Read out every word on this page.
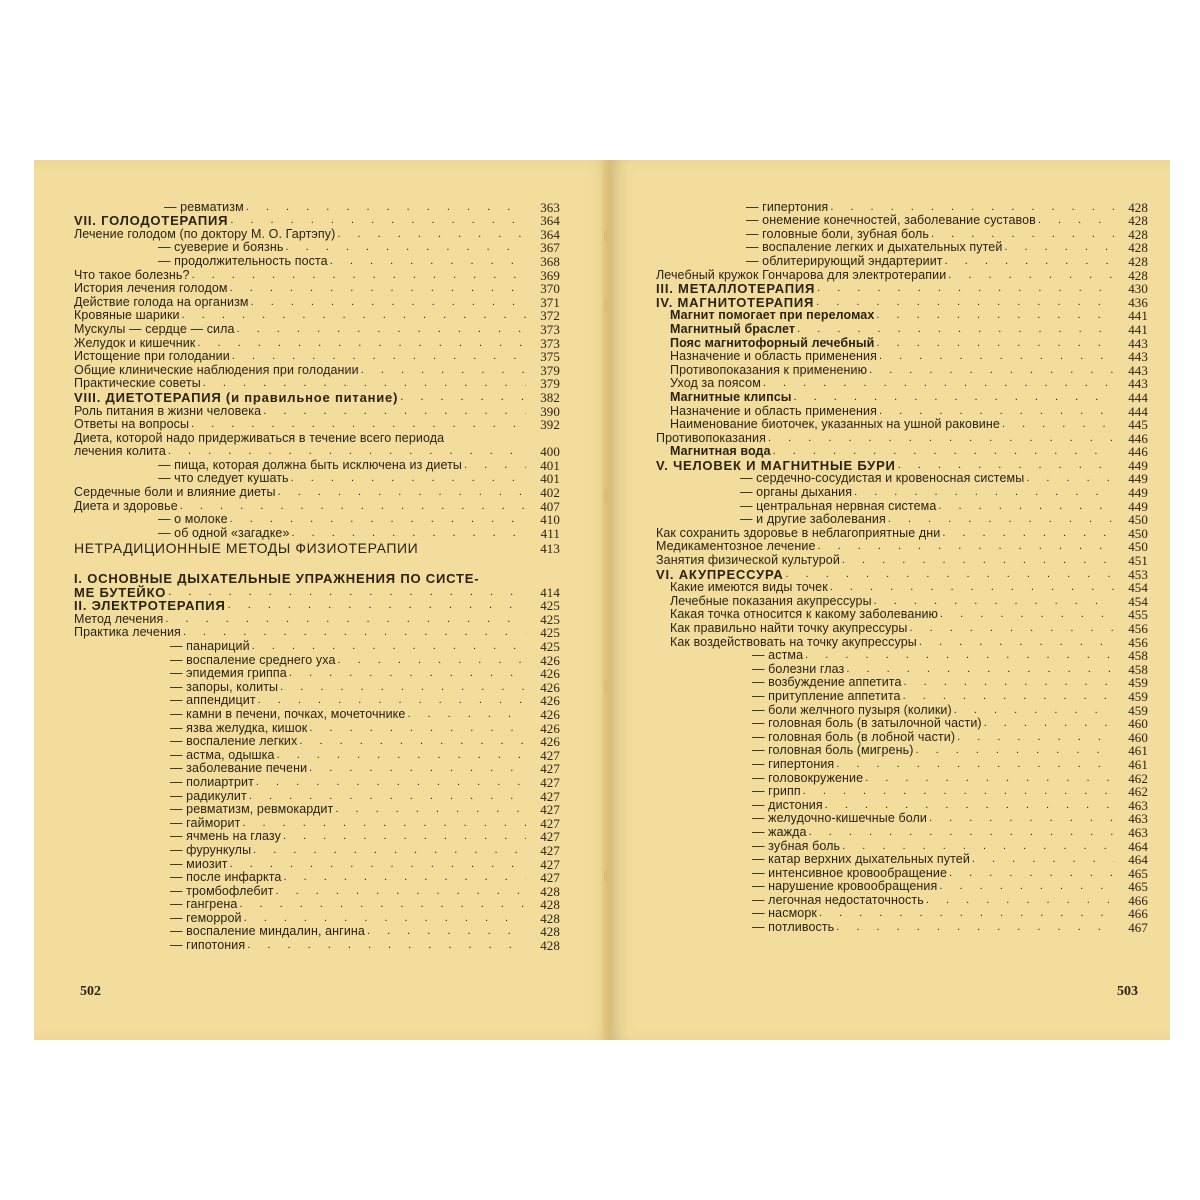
— ревматизм . . .	363
VII. ГОЛОДОТЕРАПИЯ . . .	364
Лечение голодом (по доктору М. О. Гартэпу) . . .	364
— суеверие и боязнь . . .	367
— продолжительность поста . . .	368
Что такое болезнь? . . .	369
История лечения голодом . . .	370
Действие голода на организм . . .	371
Кровяные шарики . . .	372
Мускулы — сердце — сила . . .	373
Желудок и кишечник . . .	373
Истощение при голодании . . .	375
Общие клинические наблюдения при голодании . . .	379
Практические советы . . .	379
VIII. ДИЕТОТЕРАПИЯ (и правильное питание) . . .	382
Роль питания в жизни человека . . .	390
Ответы на вопросы . . .	392
Диета, которой надо придерживаться в течение всего периода
лечения колита . . .	400
— пища, которая должна быть исключена из диеты . . .	401
— что следует кушать . . .	401
Сердечные боли и влияние диеты . . .	402
Диета и здоровье . . .	407
— о молоке . . .	410
— об одной «загадке» . . .	411
НЕТРАДИЦИОННЫЕ МЕТОДЫ ФИЗИОТЕРАПИИ	413
I. ОСНОВНЫЕ ДЫХАТЕЛЬНЫЕ УПРАЖНЕНИЯ ПО СИСТЕ-
МЕ БУТЕЙКО . . .	414
II. ЭЛЕКТРОТЕРАПИЯ . . .	425
Метод лечения . . .	425
Практика лечения . . .	425
— панариций . . .	425
— воспаление среднего уха . . .	426
— эпидемия гриппа . . .	426
— запоры, колиты . . .	426
— аппендицит . . .	426
— камни в печени, почках, мочеточнике . . .	426
— язва желудка, кишок . . .	426
— воспаление легких . . .	426
— астма, одышка . . .	427
— заболевание печени . . .	427
— полиартрит . . .	427
— радикулит . . .	427
— ревматизм, ревмокардит . . .	427
— гайморит . . .	427
— ячмень на глазу . . .	427
— фурункулы . . .	427
— миозит . . .	427
— после инфаркта . . .	427
— тромбофлебит . . .	428
— гангрена . . .	428
— геморрой . . .	428
— воспаление миндалин, ангина . . .	428
— гипотония . . .	428
502
— гипертония . . .	428
— онемение конечностей, заболевание суставов . . .	428
— головные боли, зубная боль . . .	428
— воспаление легких и дыхательных путей . . .	428
— облитерирующий эндартериит . . .	428
Лечебный кружок Гончарова для электротерапии . . .	428
III. МЕТАЛЛОТЕРАПИЯ . . .	430
IV. МАГНИТОТЕРАПИЯ . . .	436
Магнит помогает при переломах . . .	441
Магнитный браслет . . .	441
Пояс магнитофорный лечебный . . .	443
Назначение и область применения . . .	443
Противопоказания к применению . . .	443
Уход за поясом . . .	443
Магнитные клипсы . . .	444
Назначение и область применения . . .	444
Наименование биоточек, указанных на ушной раковине . . .	445
Противопоказания . . .	446
Магнитная вода . . .	446
V. ЧЕЛОВЕК И МАГНИТНЫЕ БУРИ . . .	449
— сердечно-сосудистая и кровеносная системы . . .	449
— органы дыхания . . .	449
— центральная нервная система . . .	449
— и другие заболевания . . .	450
Как сохранить здоровье в неблагоприятные дни . . .	450
Медикаментозное лечение . . .	450
Занятия физической культурой . . .	451
VI. АКУПРЕССУРА . . .	453
Какие имеются виды точек . . .	454
Лечебные показания акупрессуры . . .	454
Какая точка относится к какому заболеванию . . .	455
Как правильно найти точку акупрессуры . . .	456
Как воздействовать на точку акупрессуры . . .	456
— астма . . .	458
— болезни глаз . . .	458
— возбуждение аппетита . . .	459
— притупление аппетита . . .	459
— боли желчного пузыря (колики) . . .	459
— головная боль (в затылочной части) . . .	460
— головная боль (в лобной части) . . .	460
— головная боль (мигрень) . . .	461
— гипертония . . .	461
— головокружение . . .	462
— грипп . . .	462
— дистония . . .	463
— желудочно-кишечные боли . . .	463
— жажда . . .	463
— зубная боль . . .	464
— катар верхних дыхательных путей . . .	464
— интенсивное кровообращение . . .	465
— нарушение кровообращения . . .	465
— легочная недостаточность . . .	466
— насморк . . .	466
— потливость . . .	467
503
